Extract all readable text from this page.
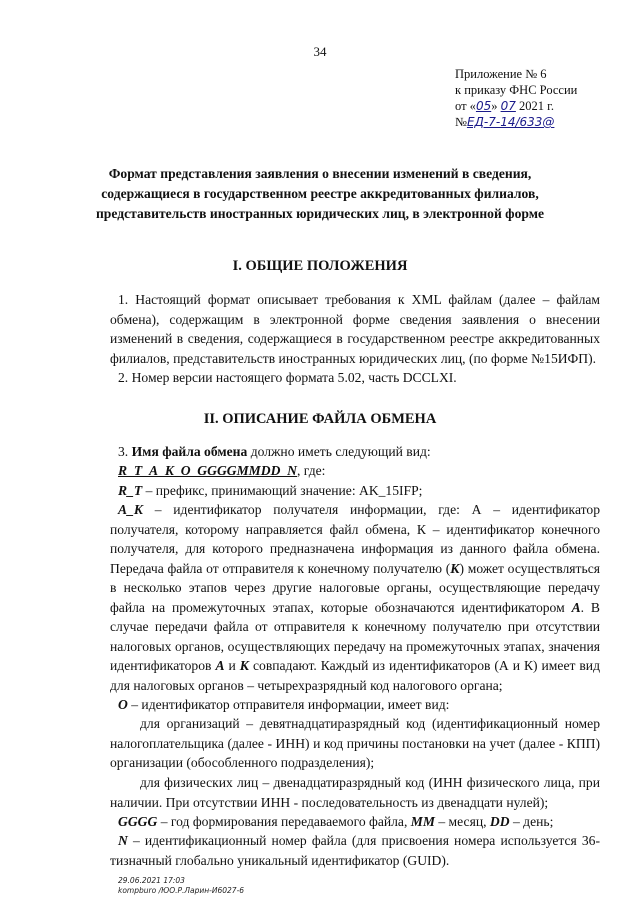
34
Приложение № 6
к приказу ФНС России
от «05» 07 2021 г.
№ЕД-7-14/633@
Формат представления заявления о внесении изменений в сведения,
содержащиеся в государственном реестре аккредитованных филиалов,
представительств иностранных юридических лиц, в электронной форме
I. ОБЩИЕ ПОЛОЖЕНИЯ

1. Настоящий формат описывает требования к XML файлам (далее – файлам обмена), содержащим в электронной форме сведения заявления о внесении изменений в сведения, содержащиеся в государственном реестре аккредитованных филиалов, представительств иностранных юридических лиц, (по форме №15ИФП).

2. Номер версии настоящего формата 5.02, часть DCCLXI.

II. ОПИСАНИЕ ФАЙЛА ОБМЕНА

3. Имя файла обмена должно иметь следующий вид:

R_T_A_K_O_GGGGMMDD_N, где:

R_T – префикс, принимающий значение: AK_15IFP;

A_K – идентификатор получателя информации, где: А – идентификатор получателя, которому направляется файл обмена, К – идентификатор конечного получателя, для которого предназначена информация из данного файла обмена. Передача файла от отправителя к конечному получателю (К) может осуществляться в несколько этапов через другие налоговые органы, осуществляющие передачу файла на промежуточных этапах, которые обозначаются идентификатором А. В случае передачи файла от отправителя к конечному получателю при отсутствии налоговых органов, осуществляющих передачу на промежуточных этапах, значения идентификаторов А и К совпадают. Каждый из идентификаторов (А и К) имеет вид для налоговых органов – четырехразрядный код налогового органа;

O – идентификатор отправителя информации, имеет вид:

для организаций – девятнадцатиразрядный код (идентификационный номер налогоплательщика (далее - ИНН) и код причины постановки на учет (далее - КПП) организации (обособленного подразделения);

для физических лиц – двенадцатиразрядный код (ИНН физического лица, при наличии. При отсутствии ИНН - последовательность из двенадцати нулей);

GGGG – год формирования передаваемого файла, MM – месяц, DD – день;

N – идентификационный номер файла (для присвоения номера используется 36-тизначный глобально уникальный идентификатор (GUID).

29.06.2021 17:03
kompburo /ЮО.Р.Ларин-И6027-6
